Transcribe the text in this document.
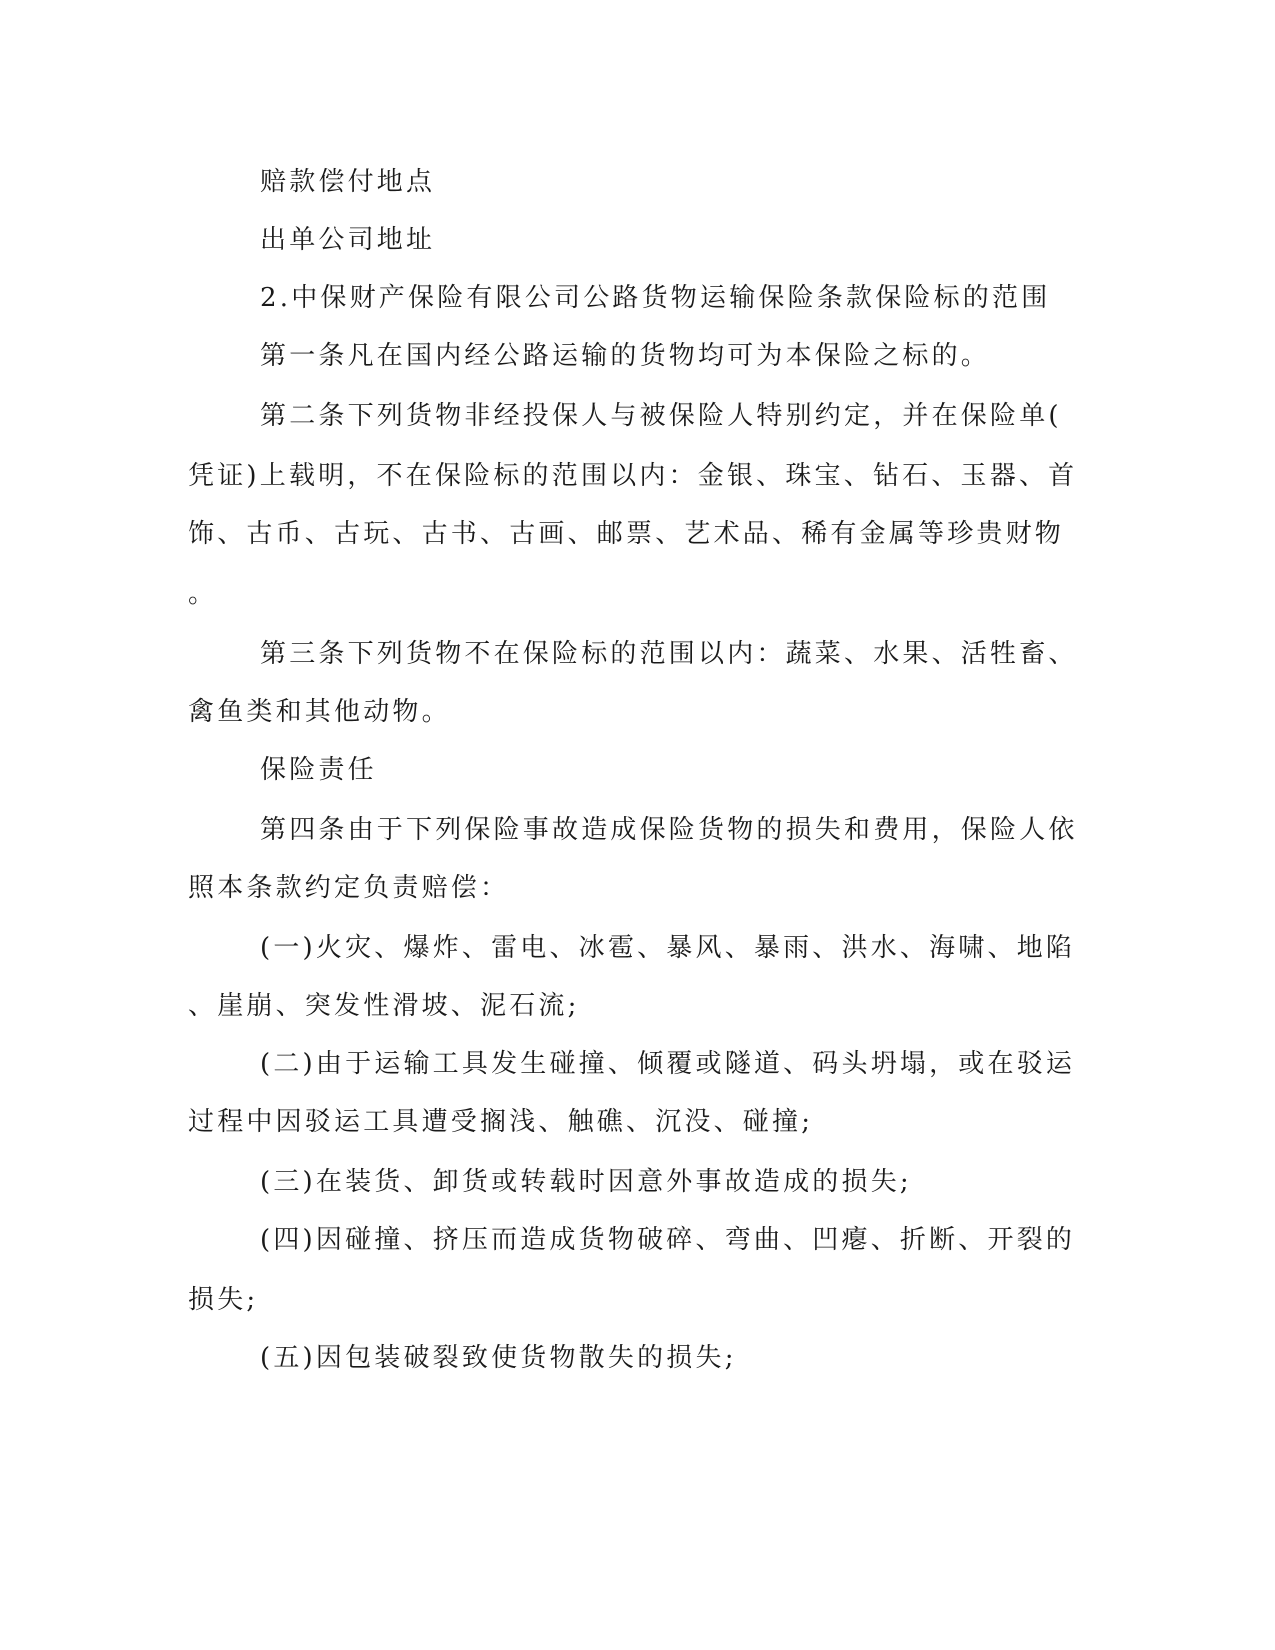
赔款偿付地点
出单公司地址
2.中保财产保险有限公司公路货物运输保险条款保险标的范围
第一条凡在国内经公路运输的货物均可为本保险之标的。
第二条下列货物非经投保人与被保险人特别约定，并在保险单(
凭证)上载明，不在保险标的范围以内：金银、珠宝、钻石、玉器、首
饰、古币、古玩、古书、古画、邮票、艺术品、稀有金属等珍贵财物
。
第三条下列货物不在保险标的范围以内：蔬菜、水果、活牲畜、
禽鱼类和其他动物。
保险责任
第四条由于下列保险事故造成保险货物的损失和费用，保险人依
照本条款约定负责赔偿：
(一)火灾、爆炸、雷电、冰雹、暴风、暴雨、洪水、海啸、地陷
、崖崩、突发性滑坡、泥石流;
(二)由于运输工具发生碰撞、倾覆或隧道、码头坍塌，或在驳运
过程中因驳运工具遭受搁浅、触礁、沉没、碰撞;
(三)在装货、卸货或转载时因意外事故造成的损失;
(四)因碰撞、挤压而造成货物破碎、弯曲、凹瘪、折断、开裂的
损失;
(五)因包装破裂致使货物散失的损失;
